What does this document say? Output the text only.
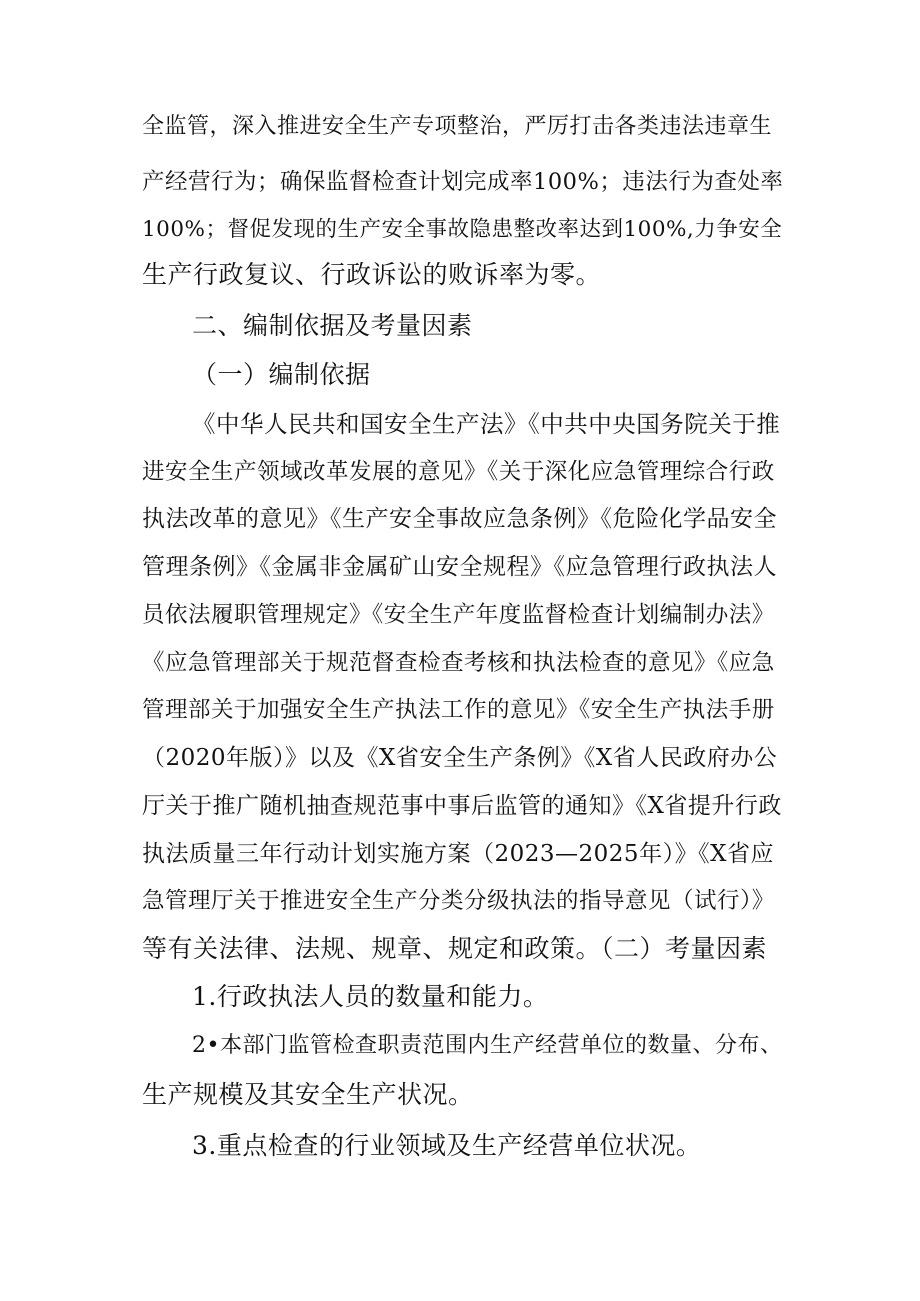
全监管，深入推进安全生产专项整治，严厉打击各类违法违章生
产经营行为；确保监督检查计划完成率100%；违法行为查处率
100%；督促发现的生产安全事故隐患整改率达到100%,力争安全
生产行政复议、行政诉讼的败诉率为零。
二、编制依据及考量因素
（一）编制依据
《中华人民共和国安全生产法》《中共中央国务院关于推
进安全生产领域改革发展的意见》《关于深化应急管理综合行政
执法改革的意见》《生产安全事故应急条例》《危险化学品安全
管理条例》《金属非金属矿山安全规程》《应急管理行政执法人
员依法履职管理规定》《安全生产年度监督检查计划编制办法》
《应急管理部关于规范督查检查考核和执法检查的意见》《应急
管理部关于加强安全生产执法工作的意见》《安全生产执法手册
（2020年版）》以及《X省安全生产条例》《X省人民政府办公
厅关于推广随机抽查规范事中事后监管的通知》《X省提升行政
执法质量三年行动计划实施方案（2023—2025年）》《X省应
急管理厅关于推进安全生产分类分级执法的指导意见（试行）》
等有关法律、法规、规章、规定和政策。（二）考量因素
1.行政执法人员的数量和能力。
2•本部门监管检查职责范围内生产经营单位的数量、分布、
生产规模及其安全生产状况。
3.重点检查的行业领域及生产经营单位状况。
